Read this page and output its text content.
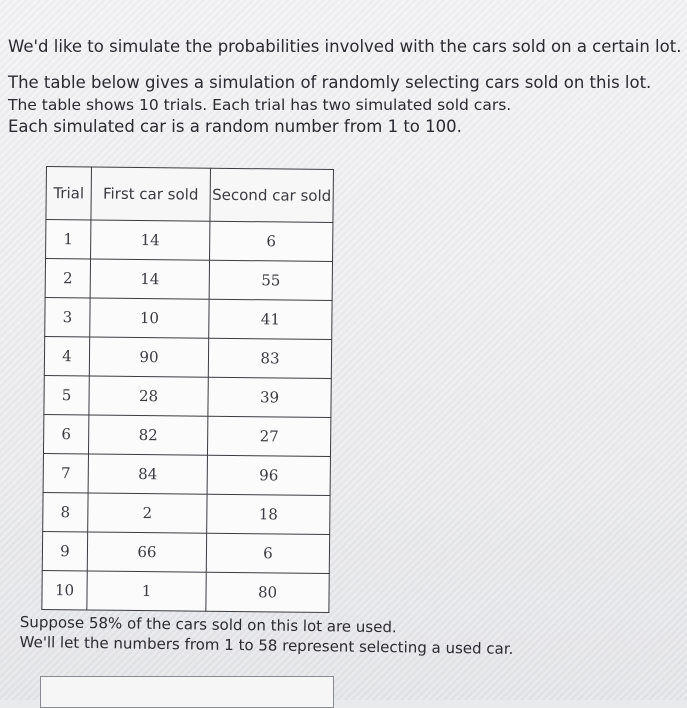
We'd like to simulate the probabilities involved with the cars sold on a certain lot.

The table below gives a simulation of randomly selecting cars sold on this lot.

The table shows 10 trials. Each trial has two simulated sold cars.

Each simulated car is a random number from 1 to 100.

Trial	First car sold	Second car sold
1	14	6
2	14	55
3	10	41
4	90	83
5	28	39
6	82	27
7	84	96
8	2	18
9	66	6
10	1	80

Suppose 58% of the cars sold on this lot are used.

We'll let the numbers from 1 to 58 represent selecting a used car.
